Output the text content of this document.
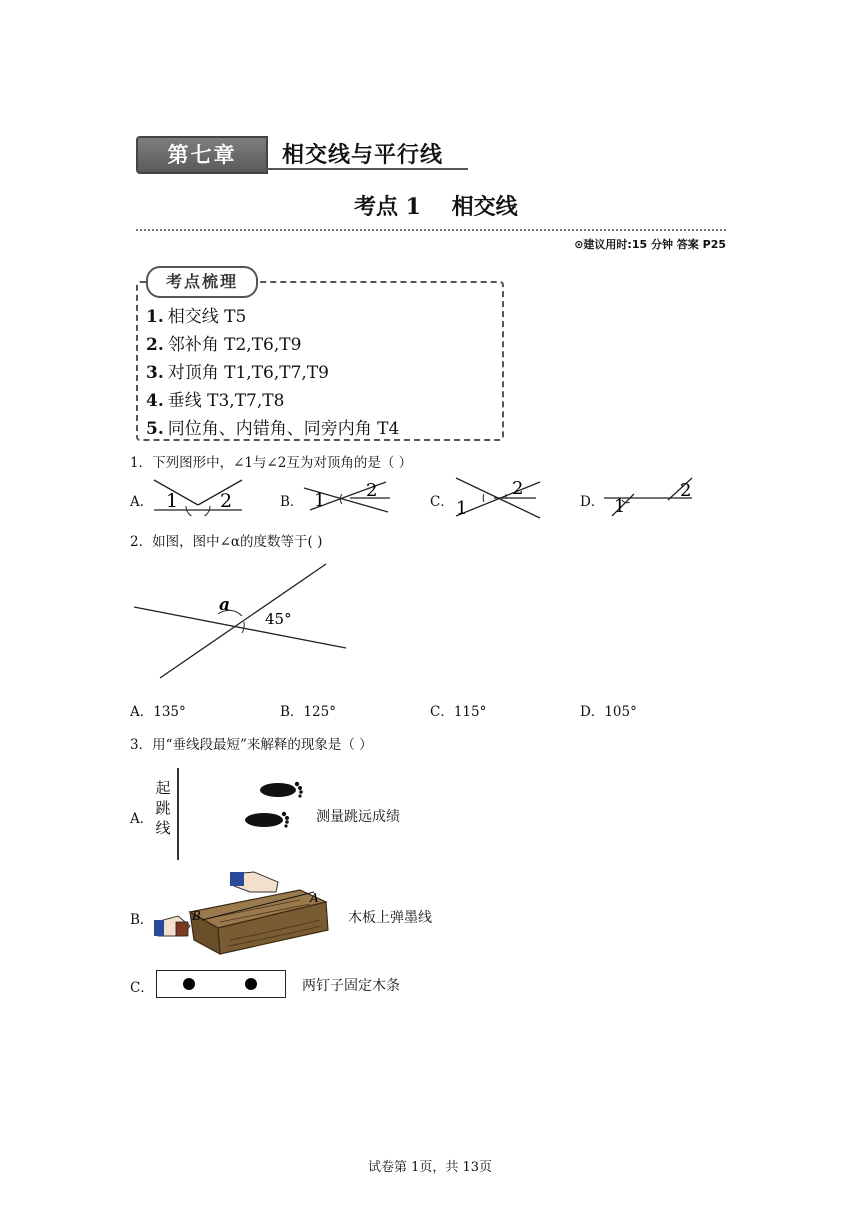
第七章	相交线与平行线
考点 1    相交线
⊙建议用时:15 分钟 答案 P25
考点梳理
1. 相交线 T5
2. 邻补角 T2,T6,T9
3. 对顶角 T1,T6,T7,T9
4. 垂线 T3,T7,T8
5. 同位角、内错角、同旁内角 T4
1．下列图形中，∠1与∠2互为对顶角的是（ ）
A． 1 2	B． 1 2
C． 1
2
D． 1
2
2．如图，图中∠α的度数等于( )
a
45°
A．135°	B．125°	C．115°	D．105°
3．用“垂线段最短”来解释的现象是（ ）
A．
起
跳
线
测量跳远成绩
B．	B
A
木板上弹墨线
C．	两钉子固定木条
试卷第 1页，共 13页
